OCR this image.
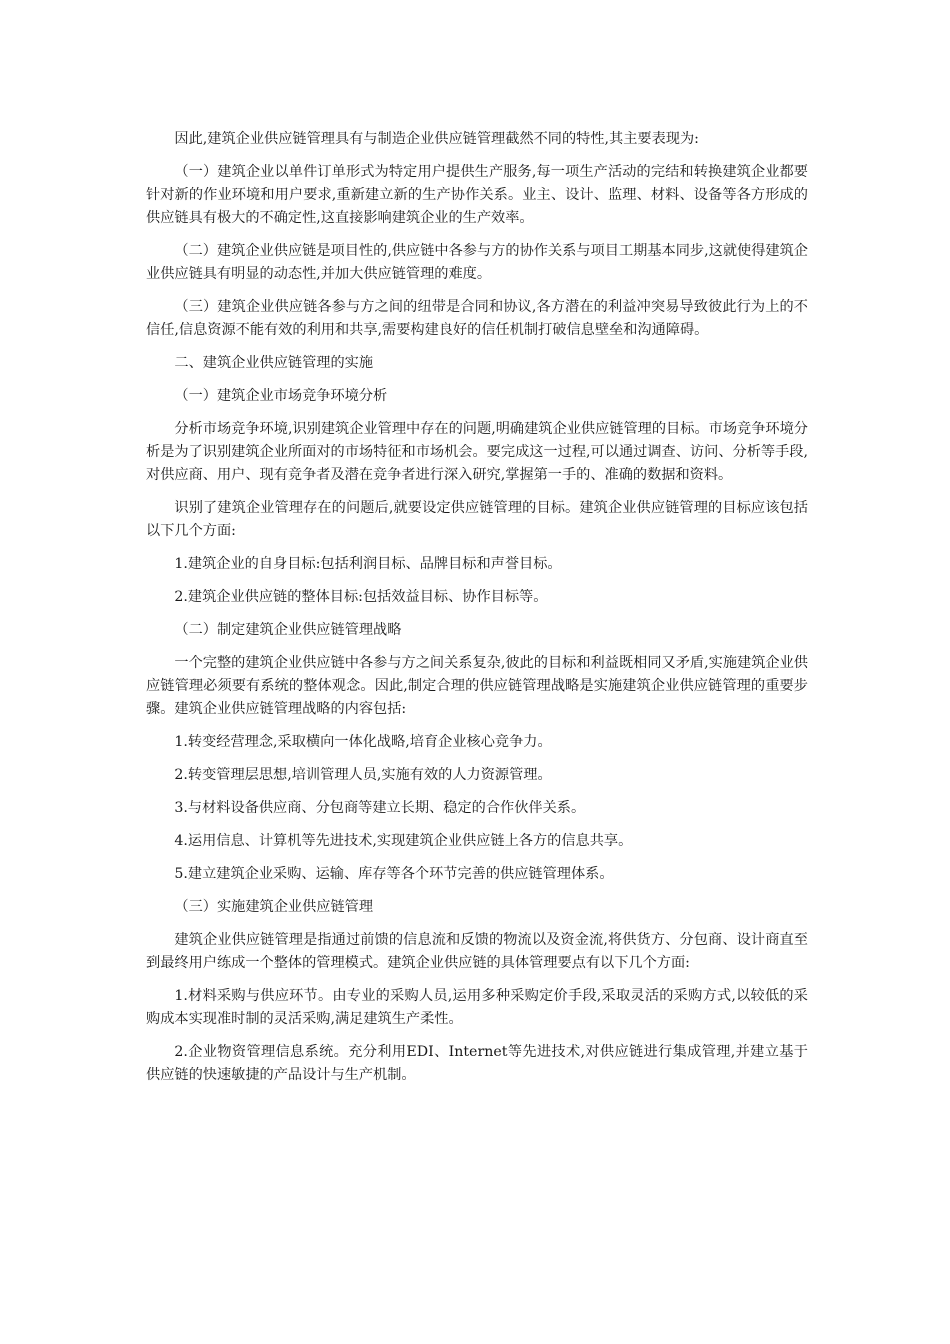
因此,建筑企业供应链管理具有与制造企业供应链管理截然不同的特性,其主要表现为:

（一）建筑企业以单件订单形式为特定用户提供生产服务,每一项生产活动的完结和转换建筑企业都要针对新的作业环境和用户要求,重新建立新的生产协作关系。业主、设计、监理、材料、设备等各方形成的供应链具有极大的不确定性,这直接影响建筑企业的生产效率。

（二）建筑企业供应链是项目性的,供应链中各参与方的协作关系与项目工期基本同步,这就使得建筑企业供应链具有明显的动态性,并加大供应链管理的难度。

（三）建筑企业供应链各参与方之间的纽带是合同和协议,各方潜在的利益冲突易导致彼此行为上的不信任,信息资源不能有效的利用和共享,需要构建良好的信任机制打破信息壁垒和沟通障碍。

二、建筑企业供应链管理的实施

（一）建筑企业市场竞争环境分析

分析市场竞争环境,识别建筑企业管理中存在的问题,明确建筑企业供应链管理的目标。市场竞争环境分析是为了识别建筑企业所面对的市场特征和市场机会。要完成这一过程,可以通过调查、访问、分析等手段,对供应商、用户、现有竞争者及潜在竞争者进行深入研究,掌握第一手的、准确的数据和资料。

识别了建筑企业管理存在的问题后,就要设定供应链管理的目标。建筑企业供应链管理的目标应该包括以下几个方面:

1.建筑企业的自身目标:包括利润目标、品牌目标和声誉目标。

2.建筑企业供应链的整体目标:包括效益目标、协作目标等。

（二）制定建筑企业供应链管理战略

一个完整的建筑企业供应链中各参与方之间关系复杂,彼此的目标和利益既相同又矛盾,实施建筑企业供应链管理必须要有系统的整体观念。因此,制定合理的供应链管理战略是实施建筑企业供应链管理的重要步骤。建筑企业供应链管理战略的内容包括:

1.转变经营理念,采取横向一体化战略,培育企业核心竞争力。

2.转变管理层思想,培训管理人员,实施有效的人力资源管理。

3.与材料设备供应商、分包商等建立长期、稳定的合作伙伴关系。

4.运用信息、计算机等先进技术,实现建筑企业供应链上各方的信息共享。

5.建立建筑企业采购、运输、库存等各个环节完善的供应链管理体系。

（三）实施建筑企业供应链管理

建筑企业供应链管理是指通过前馈的信息流和反馈的物流以及资金流,将供货方、分包商、设计商直至到最终用户练成一个整体的管理模式。建筑企业供应链的具体管理要点有以下几个方面:

1.材料采购与供应环节。由专业的采购人员,运用多种采购定价手段,采取灵活的采购方式,以较低的采购成本实现准时制的灵活采购,满足建筑生产柔性。

2.企业物资管理信息系统。充分利用EDI、Internet等先进技术,对供应链进行集成管理,并建立基于供应链的快速敏捷的产品设计与生产机制。
